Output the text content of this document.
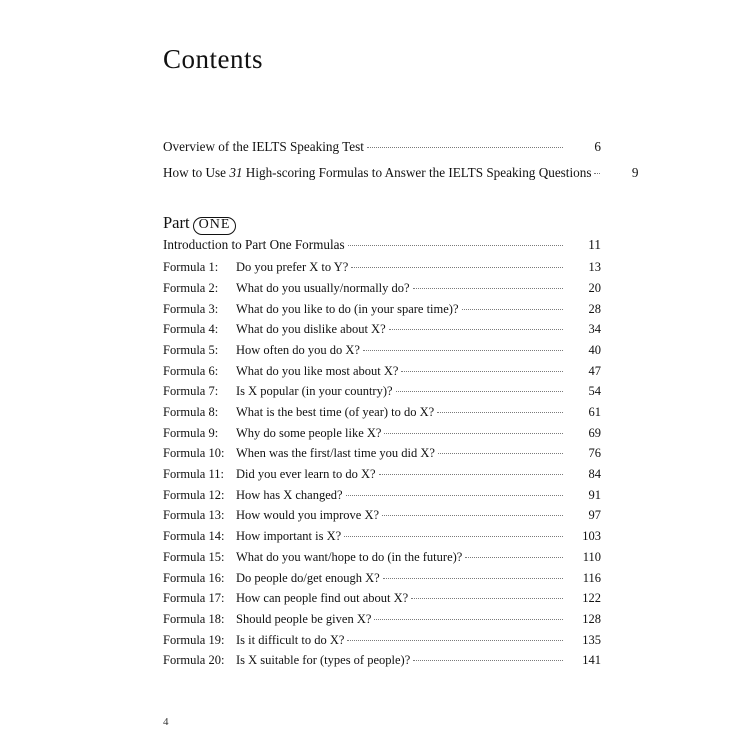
Contents
Overview of the IELTS Speaking Test	6
How to Use 31 High-scoring Formulas to Answer the IELTS Speaking Questions	9
Part ONE
Introduction to Part One Formulas	11
Formula 1:	Do you prefer X to Y?	13
Formula 2:	What do you usually/normally do?	20
Formula 3:	What do you like to do (in your spare time)?	28
Formula 4:	What do you dislike about X?	34
Formula 5:	How often do you do X?	40
Formula 6:	What do you like most about X?	47
Formula 7:	Is X popular (in your country)?	54
Formula 8:	What is the best time (of year) to do X?	61
Formula 9:	Why do some people like X?	69
Formula 10: When was the first/last time you did X?	76
Formula 11: Did you ever learn to do X?	84
Formula 12: How has X changed?	91
Formula 13: How would you improve X?	97
Formula 14: How important is X?	103
Formula 15: What do you want/hope to do (in the future)?	110
Formula 16: Do people do/get enough X?	116
Formula 17: How can people find out about X?	122
Formula 18: Should people be given X?	128
Formula 19: Is it difficult to do X?	135
Formula 20: Is X suitable for (types of people)?	141
4
